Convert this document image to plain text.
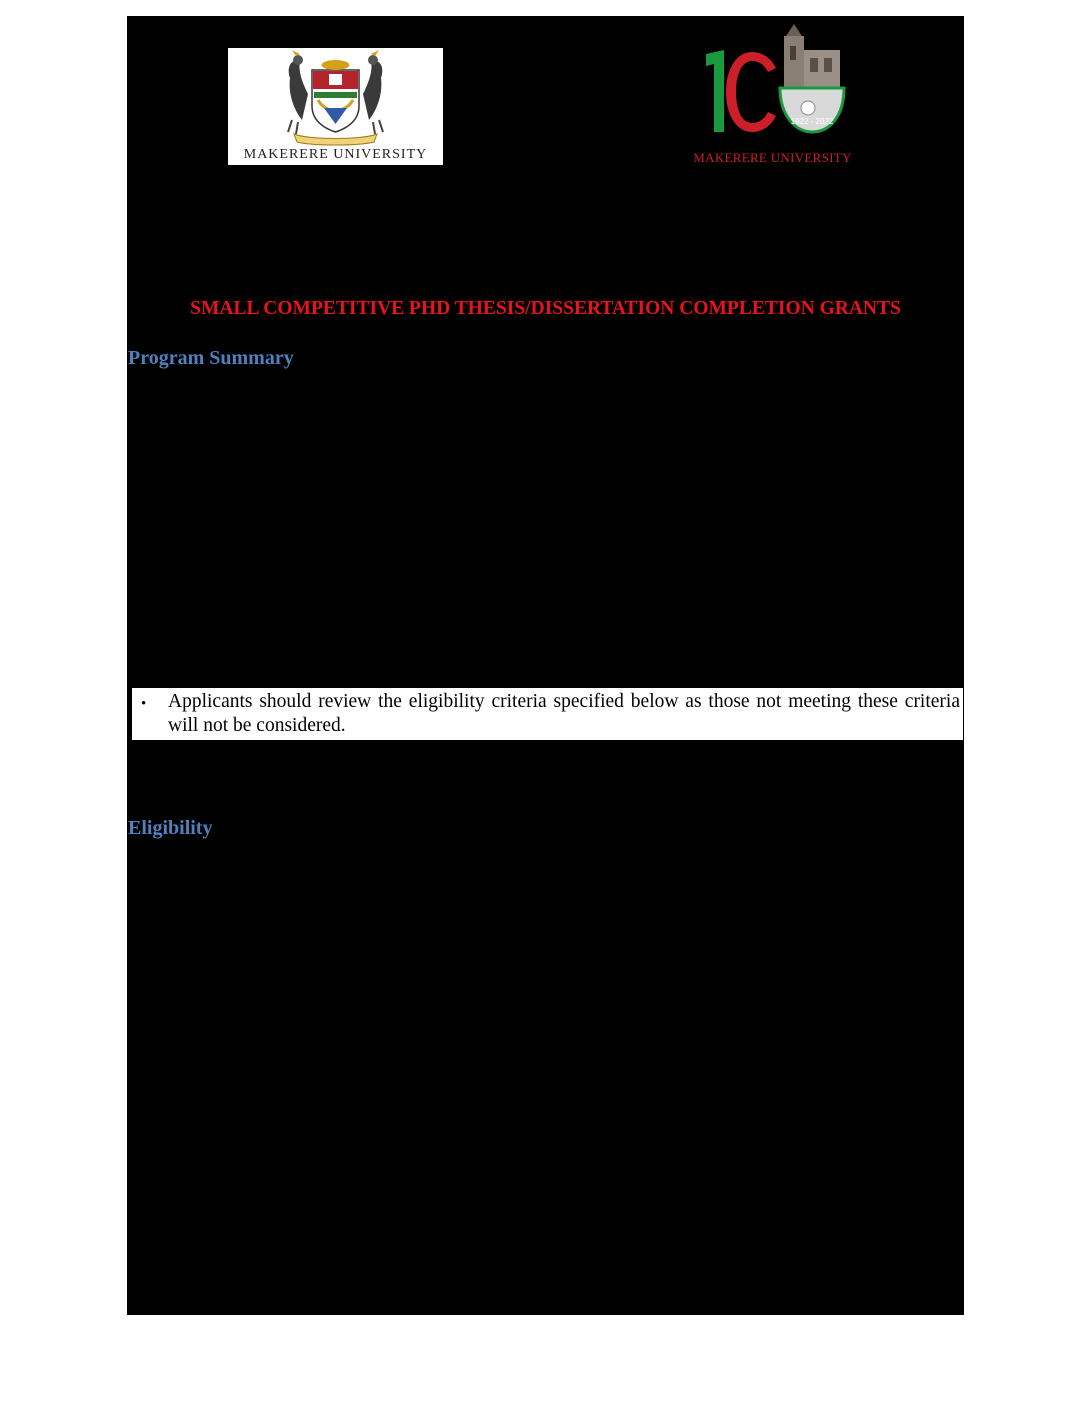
MAKERERE UNIVERSITY
1922 - 2022
MAKERERE UNIVERSITY
SMALL COMPETITIVE PHD THESIS/DISSERTATION COMPLETION GRANTS
Program Summary
• Applicants should review the eligibility criteria specified below as those not meeting these criteria will not be considered.
Eligibility
